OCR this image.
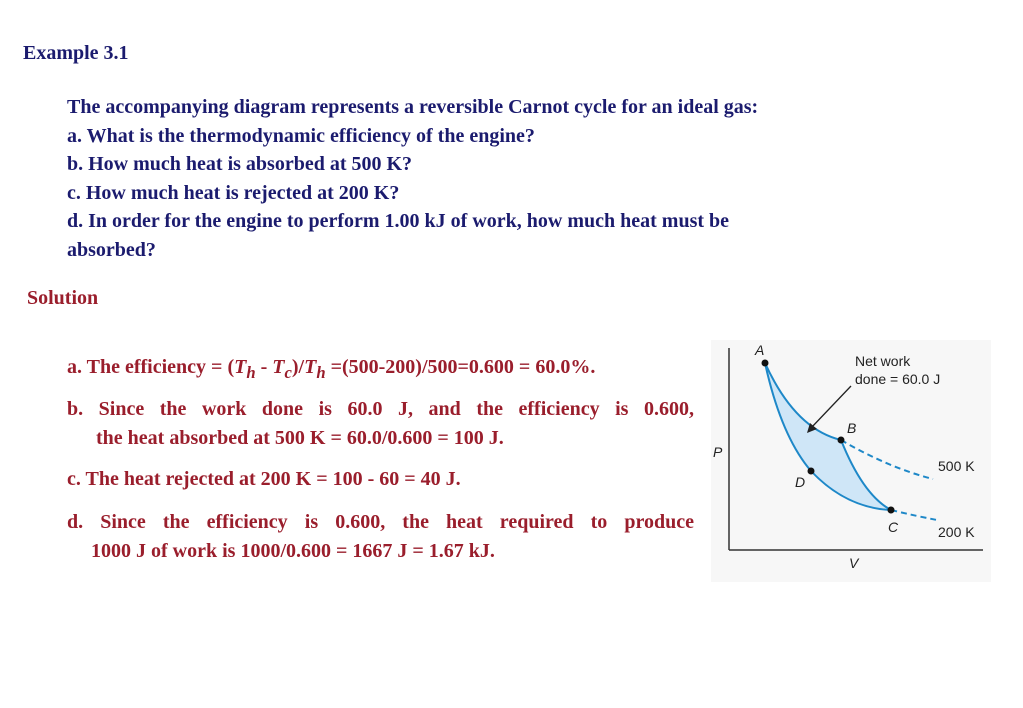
Example 3.1
The accompanying diagram represents a reversible Carnot cycle for an ideal gas:
a. What is the thermodynamic efficiency of the engine?
b. How much heat is absorbed at 500 K?
c. How much heat is rejected at 200 K?
d. In order for the engine to perform 1.00 kJ of work, how much heat must be
absorbed?
Solution
a. The efficiency = $(T_h - T_c)/T_h =(500-200)/500=0.600 = 60.0\%$.
b. Since the work done is 60.0 J, and the efficiency is 0.600,
the heat absorbed at 500 K = 60.0/0.600 = 100 J.
c. The heat rejected at 200 K = 100 - 60 = 40 J.
d. Since the efficiency is 0.600, the heat required to produce
1000 J of work is 1000/0.600 = 1667 J = 1.67 kJ.
A
B
C
D
P
V
Net work
done = 60.0 J
500 K
200 K
